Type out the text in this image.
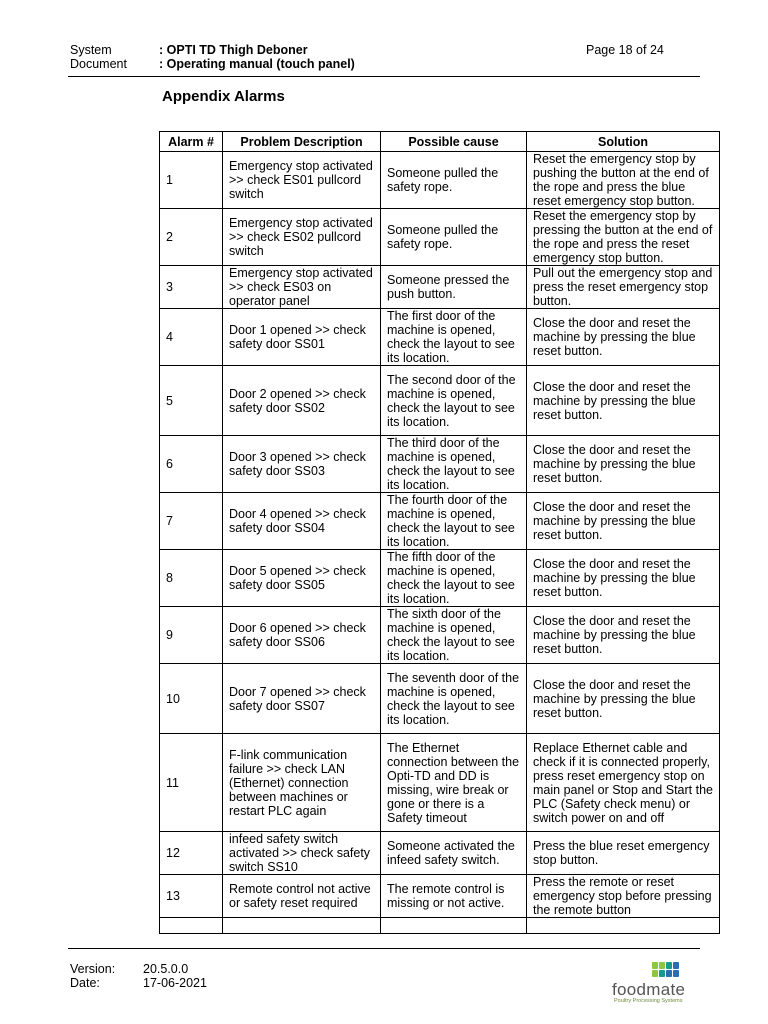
System	: OPTI TD Thigh Deboner	Page 18 of 24
Document	: Operating manual (touch panel)
Appendix Alarms
Alarm #	Problem Description	Possible cause	Solution
1	Emergency stop activated >> check ES01 pullcord switch	Someone pulled the safety rope.	Reset the emergency stop by pushing the button at the end of the rope and press the blue reset emergency stop button.
2	Emergency stop activated >> check ES02 pullcord switch	Someone pulled the safety rope.	Reset the emergency stop by pressing the button at the end of the rope and press the reset emergency stop button.
3	Emergency stop activated >> check ES03 on operator panel	Someone pressed the push button.	Pull out the emergency stop and press the reset emergency stop button.
4	Door 1 opened >> check safety door SS01	The first door of the machine is opened, check the layout to see its location.	Close the door and reset the machine by pressing the blue reset button.
5	Door 2 opened >> check safety door SS02	The second door of the machine is opened, check the layout to see its location.	Close the door and reset the machine by pressing the blue reset button.
6	Door 3 opened >> check safety door SS03	The third door of the machine is opened, check the layout to see its location.	Close the door and reset the machine by pressing the blue reset button.
7	Door 4 opened >> check safety door SS04	The fourth door of the machine is opened, check the layout to see its location.	Close the door and reset the machine by pressing the blue reset button.
8	Door 5 opened >> check safety door SS05	The fifth door of the machine is opened, check the layout to see its location.	Close the door and reset the machine by pressing the blue reset button.
9	Door 6 opened >> check safety door SS06	The sixth door of the machine is opened, check the layout to see its location.	Close the door and reset the machine by pressing the blue reset button.
10	Door 7 opened >> check safety door SS07	The seventh door of the machine is opened, check the layout to see its location.	Close the door and reset the machine by pressing the blue reset button.
11	F-link communication failure >> check LAN (Ethernet) connection between machines or restart PLC again	The Ethernet connection between the Opti-TD and DD is missing, wire break or gone or there is a Safety timeout	Replace Ethernet cable and check if it is connected properly, press reset emergency stop on main panel or Stop and Start the PLC (Safety check menu) or switch power on and off
12	infeed safety switch activated >> check safety switch SS10	Someone activated the infeed safety switch.	Press the blue reset emergency stop button.
13	Remote control not active or safety reset required	The remote control is missing or not active.	Press the remote or reset emergency stop before pressing the remote button

Version: 20.5.0.0
Date:	17-06-2021	foodmate
Poultry Processing Systems
